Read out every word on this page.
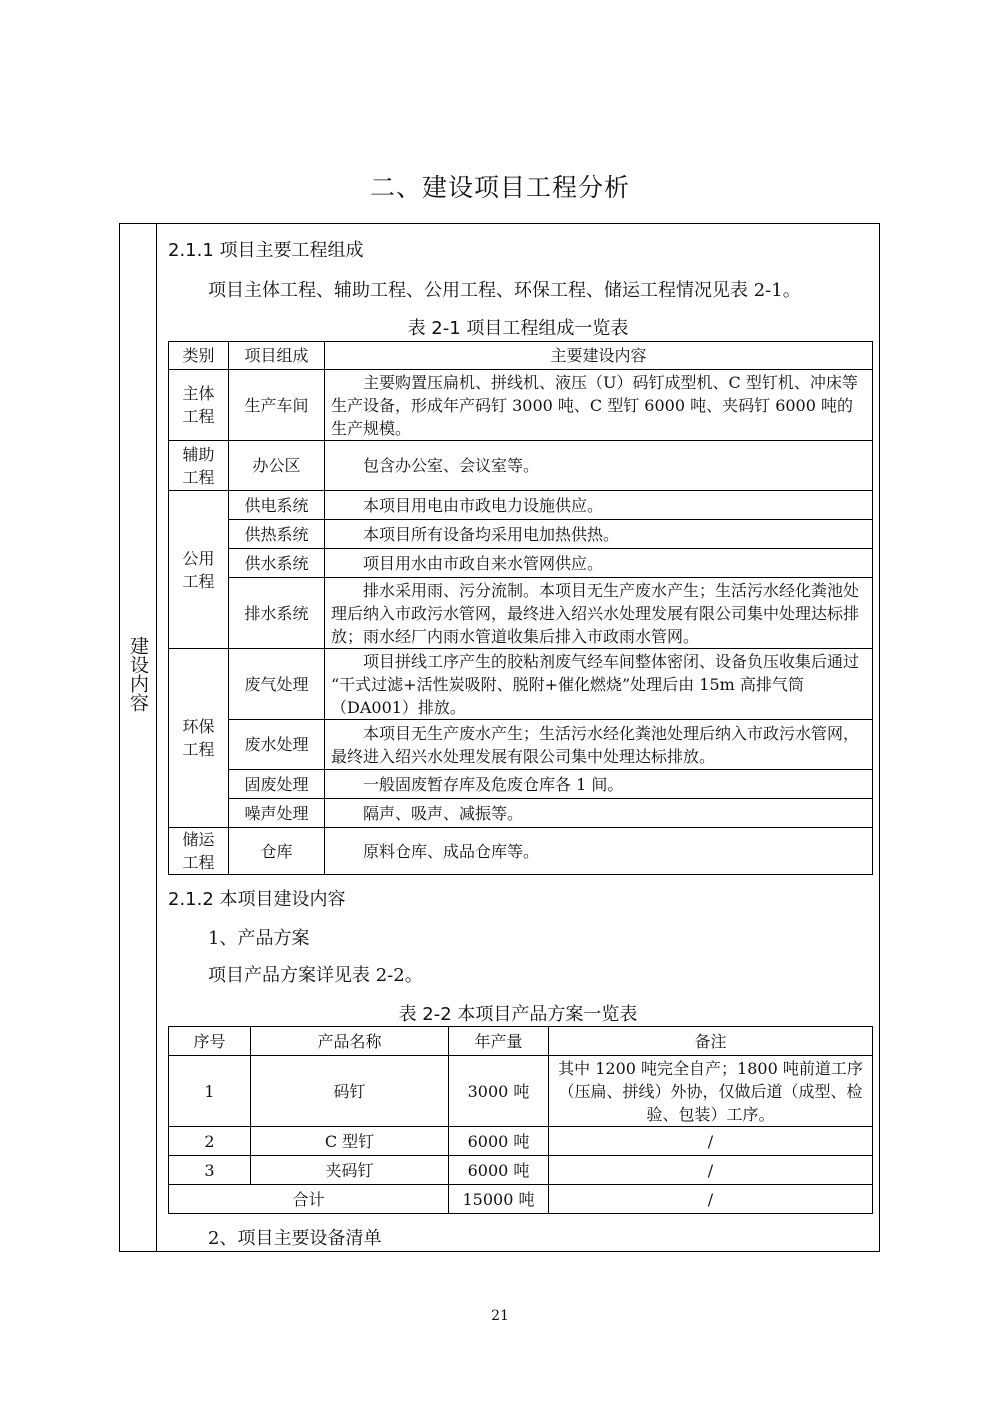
二、建设项目工程分析
建设内容
2.1.1 项目主要工程组成
项目主体工程、辅助工程、公用工程、环保工程、储运工程情况见表 2-1。
表 2-1 项目工程组成一览表
类别	项目组成	主要建设内容
主体工程	生产车间	主要购置压扁机、拼线机、液压（U）码钉成型机、C 型钉机、冲床等生产设备，形成年产码钉 3000 吨、C 型钉 6000 吨、夹码钉 6000 吨的生产规模。
辅助工程	办公区	包含办公室、会议室等。
公用工程	供电系统	本项目用电由市政电力设施供应。
	供热系统	本项目所有设备均采用电加热供热。
	供水系统	项目用水由市政自来水管网供应。
	排水系统	排水采用雨、污分流制。本项目无生产废水产生；生活污水经化粪池处理后纳入市政污水管网，最终进入绍兴水处理发展有限公司集中处理达标排放；雨水经厂内雨水管道收集后排入市政雨水管网。
环保工程	废气处理	项目拼线工序产生的胶粘剂废气经车间整体密闭、设备负压收集后通过 “干式过滤+活性炭吸附、脱附+催化燃烧”处理后由 15m 高排气筒（DA001）排放。
	废水处理	本项目无生产废水产生；生活污水经化粪池处理后纳入市政污水管网，最终进入绍兴水处理发展有限公司集中处理达标排放。
	固废处理	一般固废暂存库及危废仓库各 1 间。
	噪声处理	隔声、吸声、减振等。
储运工程	仓库	原料仓库、成品仓库等。
2.1.2 本项目建设内容
1、产品方案
项目产品方案详见表 2-2。
表 2-2 本项目产品方案一览表
序号	产品名称	年产量	备注
1	码钉	3000 吨	其中 1200 吨完全自产；1800 吨前道工序（压扁、拼线）外协，仅做后道（成型、检验、包装）工序。
2	C 型钉	6000 吨	/
3	夹码钉	6000 吨	/
合计		15000 吨	/
2、项目主要设备清单
21
